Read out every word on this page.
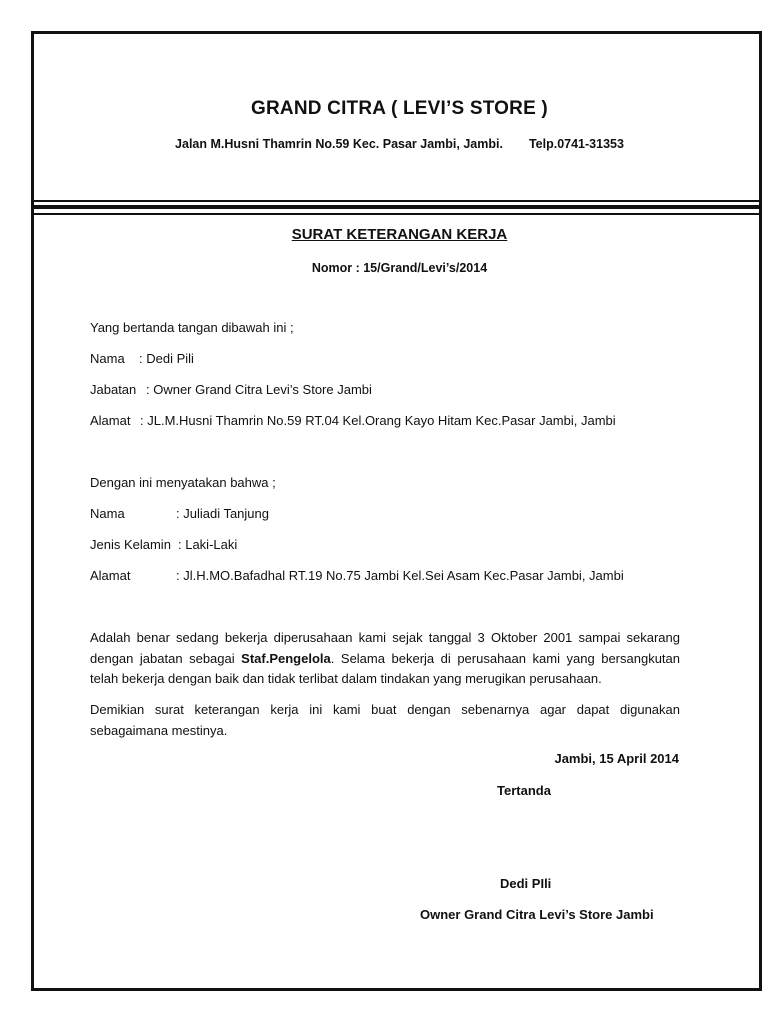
GRAND CITRA ( LEVI’S STORE )
Jalan M.Husni Thamrin No.59 Kec. Pasar Jambi, Jambi. Telp.0741-31353
SURAT KETERANGAN KERJA
Nomor : 15/Grand/Levi’s/2014
Yang bertanda tangan dibawah ini ;
Nama : Dedi Pili
Jabatan : Owner Grand Citra Levi’s Store Jambi
Alamat : JL.M.Husni Thamrin No.59 RT.04 Kel.Orang Kayo Hitam Kec.Pasar Jambi, Jambi
Dengan ini menyatakan bahwa ;
Nama	: Juliadi Tanjung
Jenis Kelamin : Laki-Laki
Alamat	: Jl.H.MO.Bafadhal RT.19 No.75 Jambi Kel.Sei Asam Kec.Pasar Jambi, Jambi
Adalah benar sedang bekerja diperusahaan kami sejak tanggal 3 Oktober 2001 sampai sekarang dengan jabatan sebagai Staf.Pengelola. Selama bekerja di perusahaan kami yang bersangkutan telah bekerja dengan baik dan tidak terlibat dalam tindakan yang merugikan perusahaan.
Demikian surat keterangan kerja ini kami buat dengan sebenarnya agar dapat digunakan sebagaimana mestinya.
Jambi, 15 April 2014
Tertanda
Dedi PIli
Owner Grand Citra Levi’s Store Jambi
